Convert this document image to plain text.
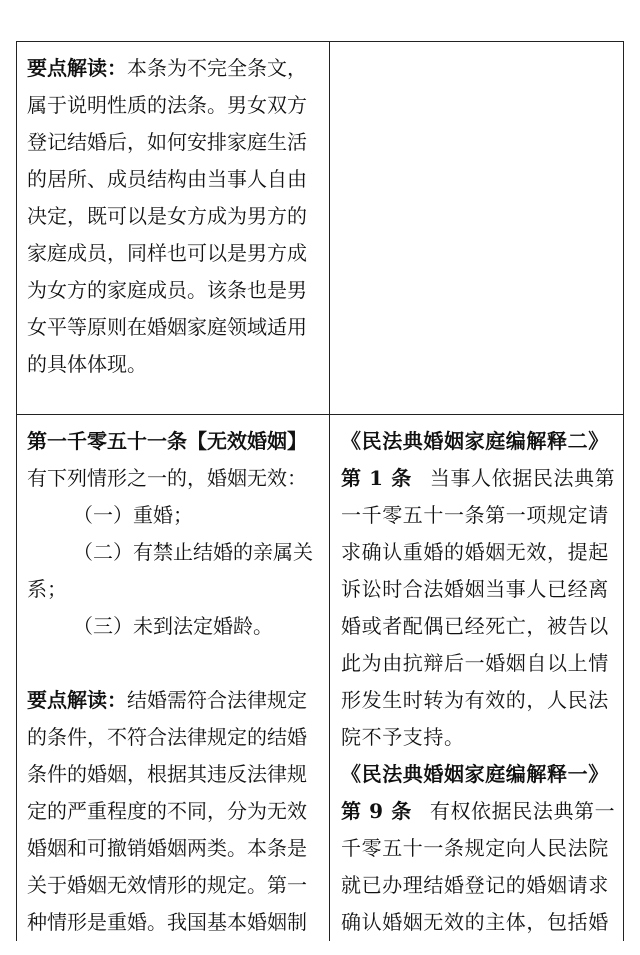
要点解读：本条为不完全条文，
属于说明性质的法条。男女双方
登记结婚后，如何安排家庭生活
的居所、成员结构由当事人自由
决定，既可以是女方成为男方的
家庭成员，同样也可以是男方成
为女方的家庭成员。该条也是男
女平等原则在婚姻家庭领域适用
的具体体现。
第一千零五十一条【无效婚姻】
有下列情形之一的，婚姻无效：
（一）重婚；
（二）有禁止结婚的亲属关
系；
（三）未到法定婚龄。
要点解读：结婚需符合法律规定
的条件，不符合法律规定的结婚
条件的婚姻，根据其违反法律规
定的严重程度的不同，分为无效
婚姻和可撤销婚姻两类。本条是
关于婚姻无效情形的规定。第一
种情形是重婚。我国基本婚姻制
《民法典婚姻家庭编解释二》
第 1 条 当事人依据民法典第
一千零五十一条第一项规定请
求确认重婚的婚姻无效，提起
诉讼时合法婚姻当事人已经离
婚或者配偶已经死亡，被告以
此为由抗辩后一婚姻自以上情
形发生时转为有效的，人民法
院不予支持。
《民法典婚姻家庭编解释一》
第 9 条 有权依据民法典第一
千零五十一条规定向人民法院
就已办理结婚登记的婚姻请求
确认婚姻无效的主体，包括婚
